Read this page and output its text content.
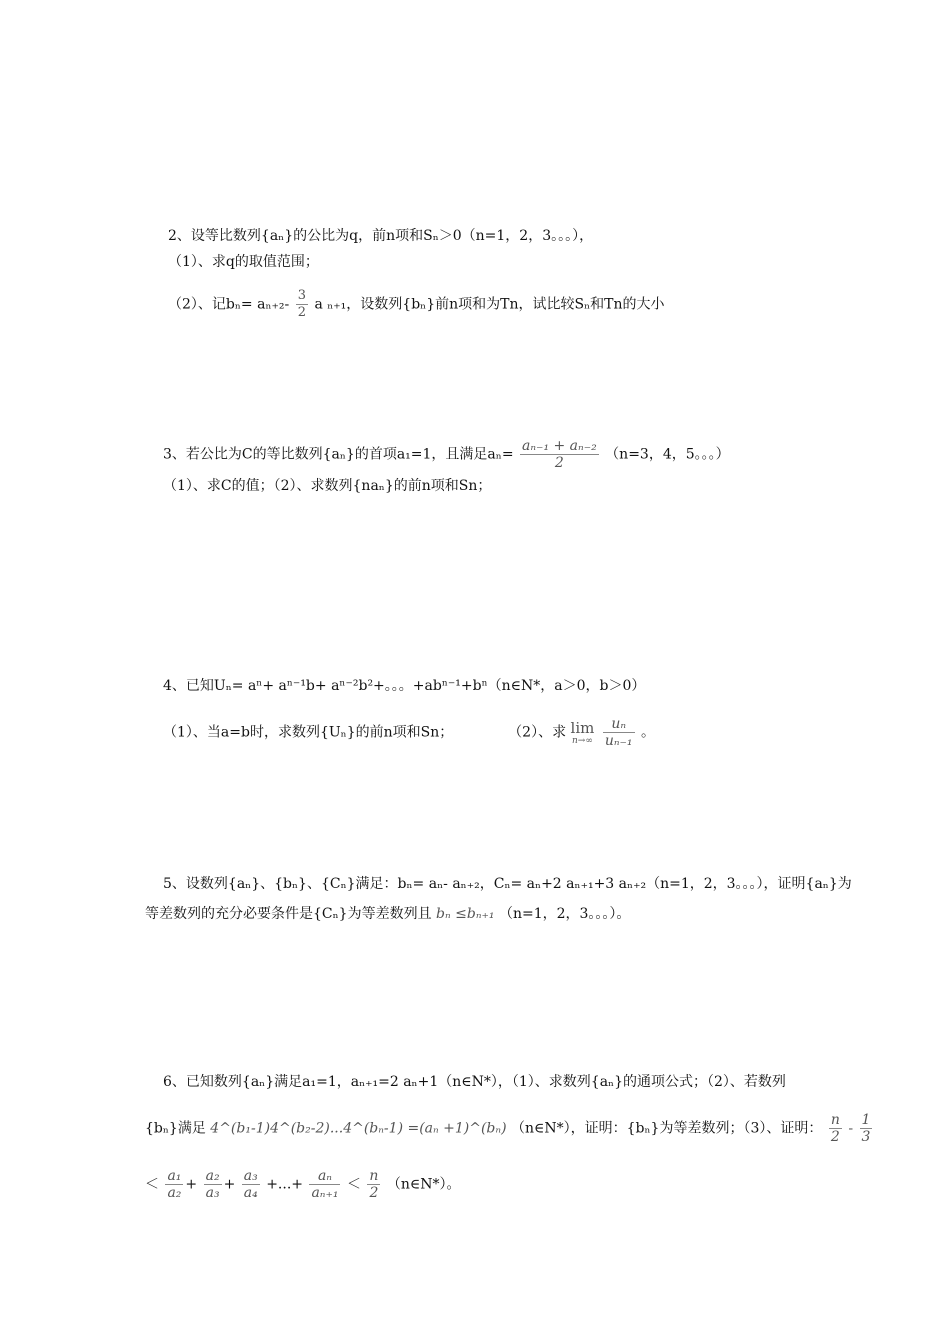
2、设等比数列{aₙ}的公比为q，前n项和Sₙ＞0（n=1，2，3。。。），
（1）、求q的取值范围；
（2）、记$b_n= a_{n+2}- \frac{3}{2}$ a ₙ₊₁，设数列{bₙ}前n项和为Tn，试比较Sₙ和Tn的大小
3、若公比为C的等比数列{aₙ}的首项a₁=1，且满足$a_n= \frac{\text{aₙ₋₁ + aₙ₋₂}}{2} (n=3$，4，5。。。）
（1）、求C的值；（2）、求数列{naₙ}的前n项和Sn；
4、已知Uₙ= aⁿ+ aⁿ⁻¹b+ aⁿ⁻²b²+。。。+abⁿ⁻¹+bⁿ（n∈N*，a＞0，b＞0）
（1）、当a=b时，求数列{Uₙ}的前n项和Sn；	（2）、求 lim
n→∞
$\frac{\text{uₙ}}{\text{uₙ₋₁}}$ 。
5、设数列{aₙ}、{bₙ}、{Cₙ}满足：bₙ= aₙ- aₙ₊₂，Cₙ= aₙ+2 aₙ₊₁+3 aₙ₊₂（n=1，2，3。。。），证明{aₙ}为
等差数列的充分必要条件是{Cₙ}为等差数列且 bₙ ≤bₙ₊₁ （n=1，2，3。。。）。
6、已知数列{aₙ}满足a₁=1，aₙ₊₁=2 aₙ+1（n∈N*），（1）、求数列{aₙ}的通项公式；（2）、若数列
{bₙ}满足 4^(b₁-1)4^(b₂-2)...4^(bₙ-1) =(aₙ +1)^(bₙ) （n∈N*），证明：{bₙ}为等差数列；（3）、证明： $\frac{n}{2} - \frac{1}{3}$
＜ $\frac{\text{a₁}}{\text{a₂}} + \frac{\text{a₂}}{\text{a₃}} + \frac{\text{a₃}}{\text{a₄}}$ +...+ $\frac{\text{aₙ}}{\text{aₙ₊₁}} < \frac{n}{2}$ （n∈N*）。
